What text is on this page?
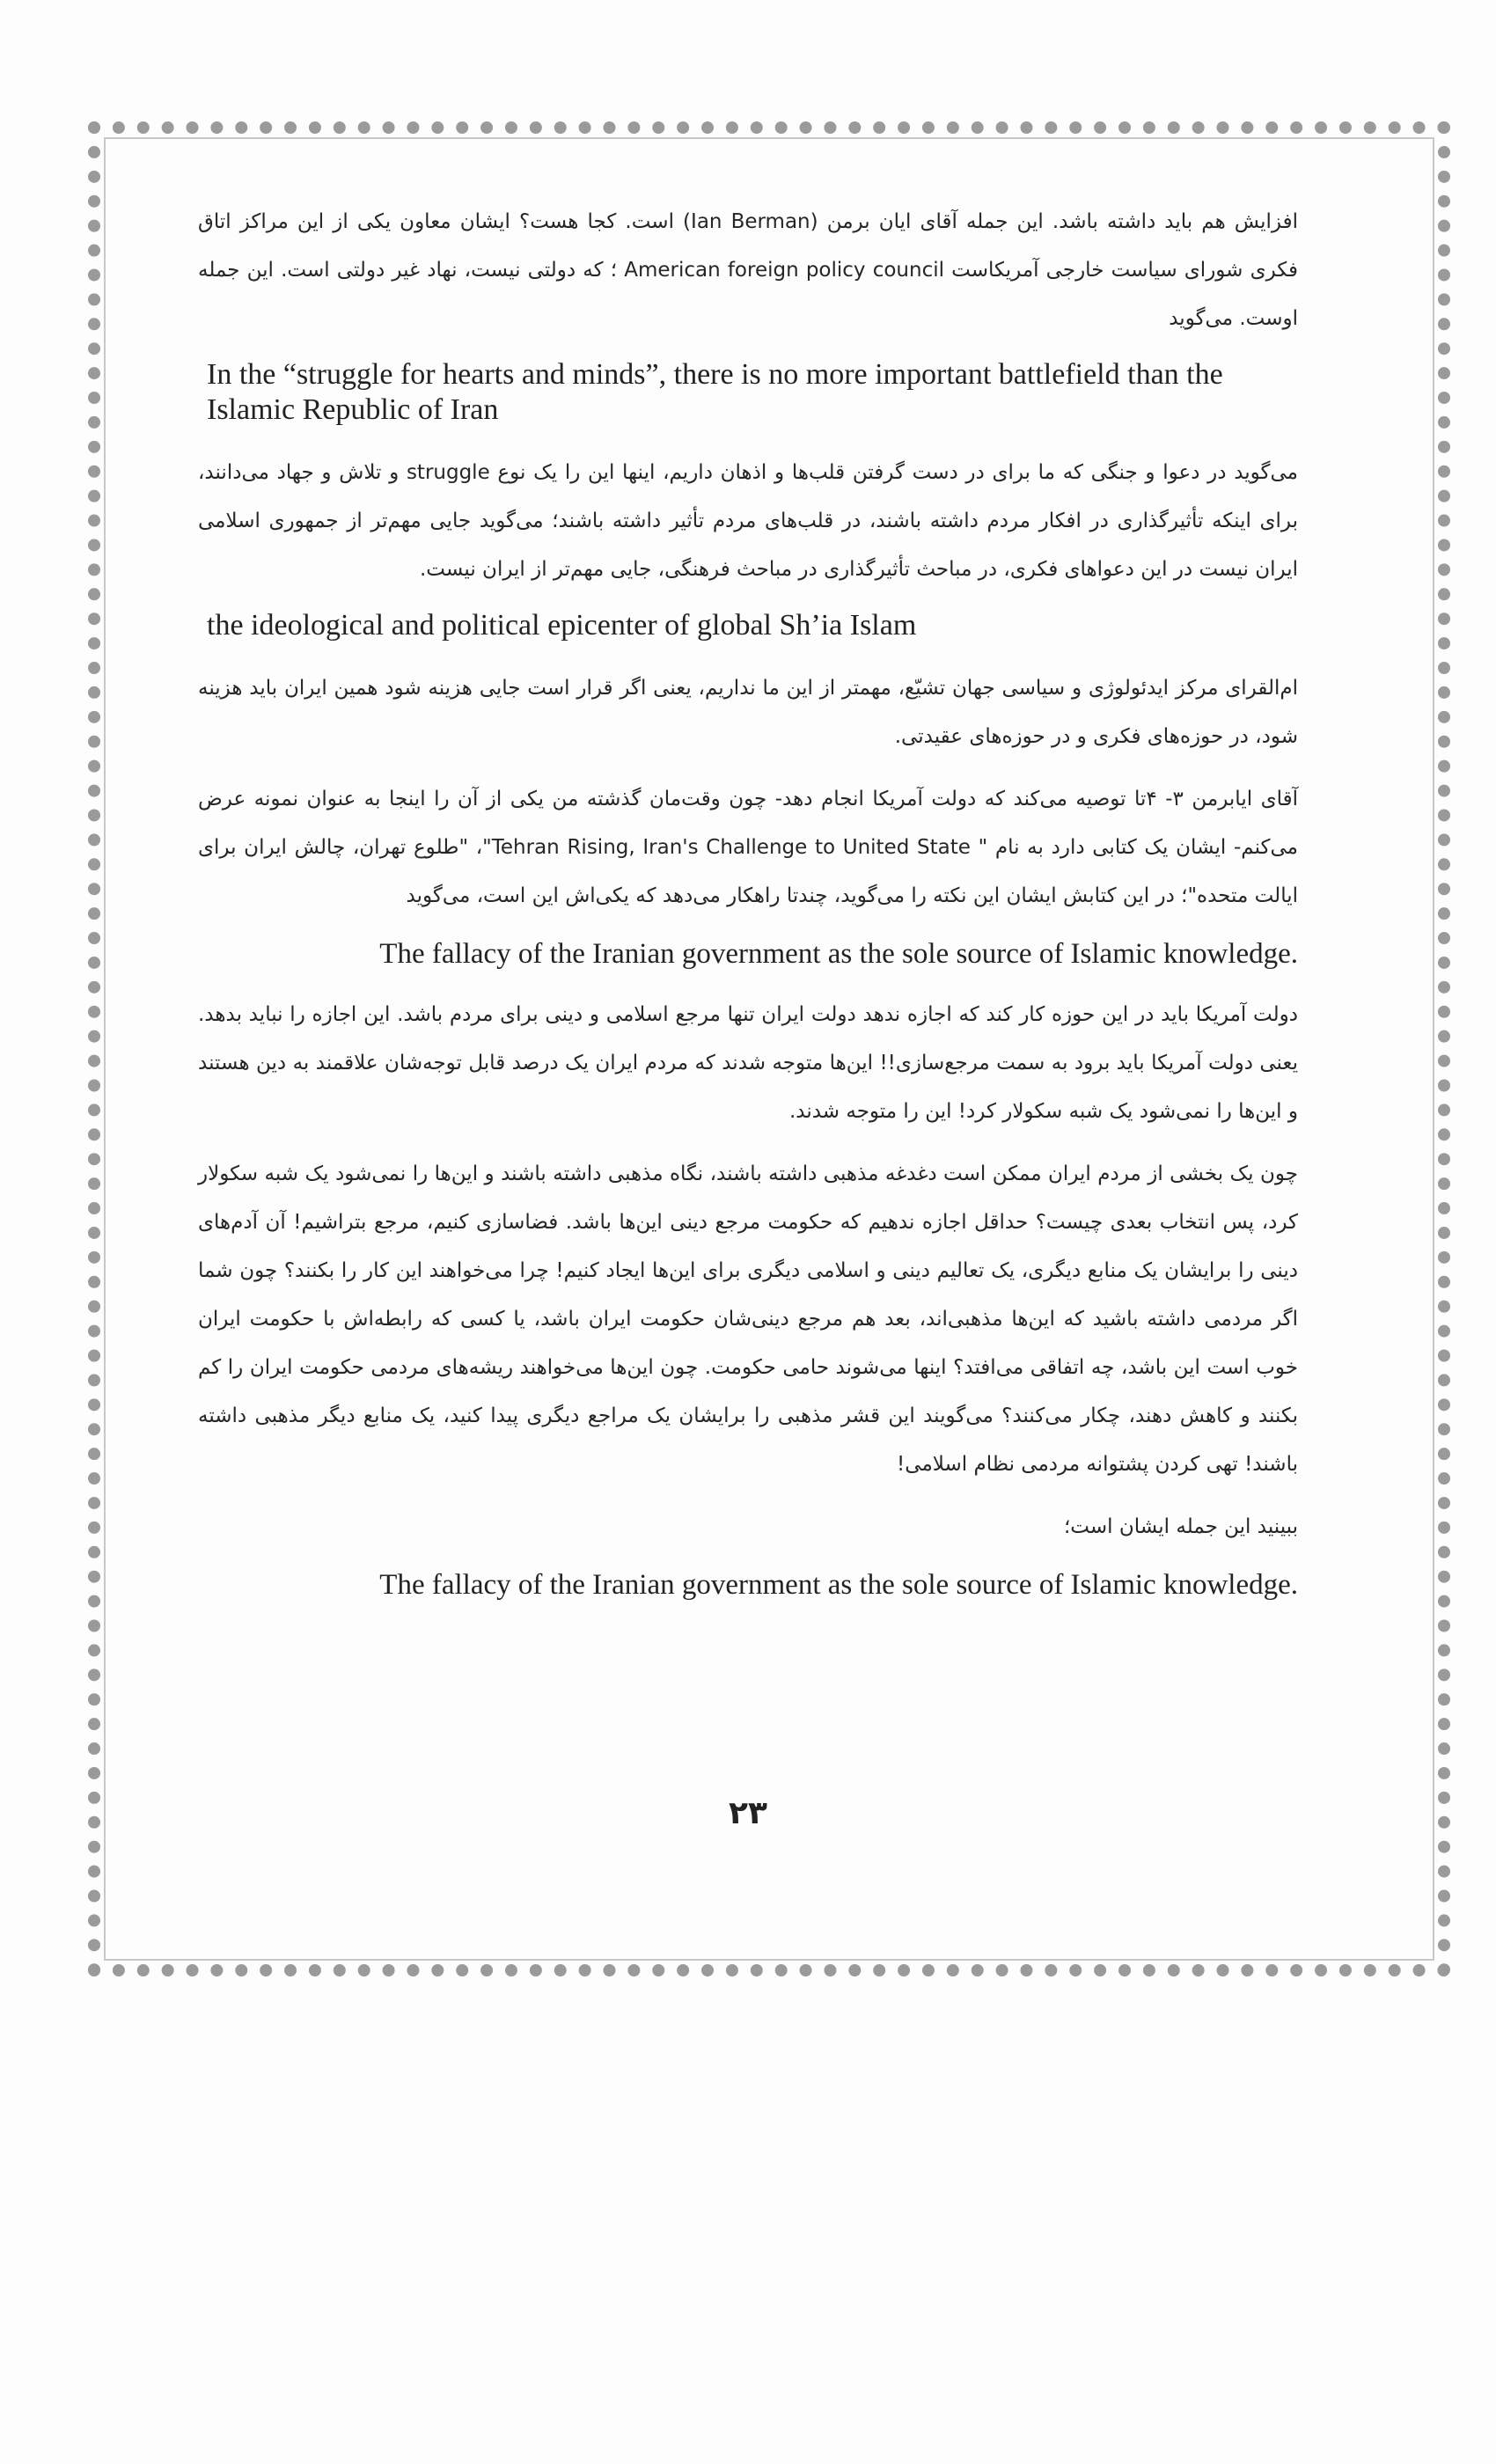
افزایش هم باید داشته باشد. این جمله آقای ایان برمن (Ian Berman) است. کجا هست؟ ایشان معاون یکی از این مراکز اتاق فکری شورای سیاست خارجی آمریکاست American foreign policy council ؛ که دولتی نیست، نهاد غیر دولتی است. این جمله اوست. می‌گوید

In the “struggle for hearts and minds”, there is no more important battlefield than the Islamic Republic of Iran

می‌گوید در دعوا و جنگی که ما برای در دست گرفتن قلب‌ها و اذهان داریم، اینها این را یک نوع struggle و تلاش و جهاد می‌دانند، برای اینکه تأثیرگذاری در افکار مردم داشته باشند، در قلب‌های مردم تأثیر داشته باشند؛ می‌گوید جایی مهم‌تر از جمهوری اسلامی ایران نیست در این دعواهای فکری، در مباحث تأثیرگذاری در مباحث فرهنگی، جایی مهم‌تر از ایران نیست.

the ideological and political epicenter of global Sh’ia Islam

ام‌القرای مرکز ایدئولوژی و سیاسی جهان تشیّع، مهمتر از این ما نداریم، یعنی اگر قرار است جایی هزینه شود همین ایران باید هزینه شود، در حوزه‌های فکری و در حوزه‌های عقیدتی.

آقای ایابرمن ۳- ۴تا توصیه می‌کند که دولت آمریکا انجام دهد- چون وقت‌مان گذشته من یکی از آن را اینجا به عنوان نمونه عرض می‌کنم- ایشان یک کتابی دارد به نام " Tehran Rising, Iran's Challenge to United State"، "طلوع تهران، چالش ایران برای ایالت متحده"؛ در این کتابش ایشان این نکته را می‌گوید، چندتا راهکار می‌دهد که یکی‌اش این است، می‌گوید

The fallacy of the Iranian government as the sole source of Islamic knowledge.

دولت آمریکا باید در این حوزه کار کند که اجازه ندهد دولت ایران تنها مرجع اسلامی و دینی برای مردم باشد. این اجازه را نباید بدهد. یعنی دولت آمریکا باید برود به سمت مرجع‌سازی!! این‌ها متوجه شدند که مردم ایران یک درصد قابل توجه‌شان علاقمند به دین هستند و این‌ها را نمی‌شود یک شبه سکولار کرد! این را متوجه شدند.

چون یک بخشی از مردم ایران ممکن است دغدغه مذهبی داشته باشند، نگاه مذهبی داشته باشند و این‌ها را نمی‌شود یک شبه سکولار کرد، پس انتخاب بعدی چیست؟ حداقل اجازه ندهیم که حکومت مرجع دینی این‌ها باشد. فضاسازی کنیم، مرجع بتراشیم! آن آدم‌های دینی را برایشان یک منابع دیگری، یک تعالیم دینی و اسلامی دیگری برای این‌ها ایجاد کنیم! چرا می‌خواهند این کار را بکنند؟ چون شما اگر مردمی داشته باشید که این‌ها مذهبی‌اند، بعد هم مرجع دینی‌شان حکومت ایران باشد، یا کسی که رابطه‌اش با حکومت ایران خوب است این باشد، چه اتفاقی می‌افتد؟ اینها می‌شوند حامی حکومت. چون این‌ها می‌خواهند ریشه‌های مردمی حکومت ایران را کم بکنند و کاهش دهند، چکار می‌کنند؟ می‌گویند این قشر مذهبی را برایشان یک مراجع دیگری پیدا کنید، یک منابع دیگر مذهبی داشته باشند! تهی کردن پشتوانه مردمی نظام اسلامی!

ببینید این جمله ایشان است؛

The fallacy of the Iranian government as the sole source of Islamic knowledge.

۲۳
